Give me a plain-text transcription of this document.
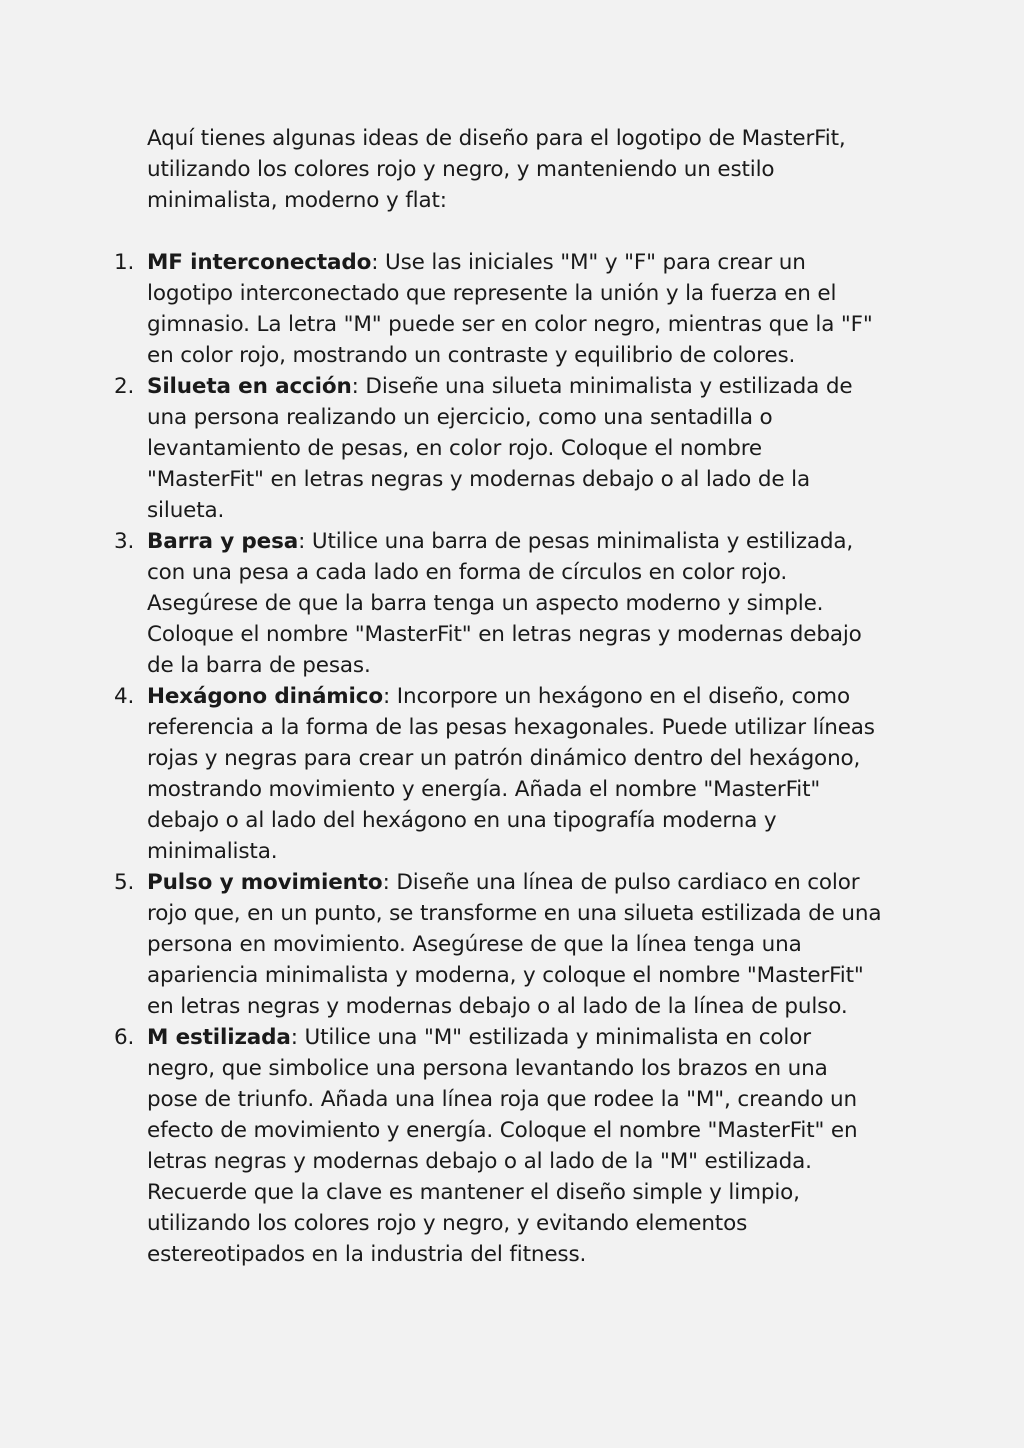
Aquí tienes algunas ideas de diseño para el logotipo de MasterFit, utilizando los colores rojo y negro, y manteniendo un estilo minimalista, moderno y flat:

1. MF interconectado: Use las iniciales "M" y "F" para crear un logotipo interconectado que represente la unión y la fuerza en el gimnasio. La letra "M" puede ser en color negro, mientras que la "F" en color rojo, mostrando un contraste y equilibrio de colores.
2. Silueta en acción: Diseñe una silueta minimalista y estilizada de una persona realizando un ejercicio, como una sentadilla o levantamiento de pesas, en color rojo. Coloque el nombre "MasterFit" en letras negras y modernas debajo o al lado de la silueta.
3. Barra y pesa: Utilice una barra de pesas minimalista y estilizada, con una pesa a cada lado en forma de círculos en color rojo. Asegúrese de que la barra tenga un aspecto moderno y simple. Coloque el nombre "MasterFit" en letras negras y modernas debajo de la barra de pesas.
4. Hexágono dinámico: Incorpore un hexágono en el diseño, como referencia a la forma de las pesas hexagonales. Puede utilizar líneas rojas y negras para crear un patrón dinámico dentro del hexágono, mostrando movimiento y energía. Añada el nombre "MasterFit" debajo o al lado del hexágono en una tipografía moderna y minimalista.
5. Pulso y movimiento: Diseñe una línea de pulso cardiaco en color rojo que, en un punto, se transforme en una silueta estilizada de una persona en movimiento. Asegúrese de que la línea tenga una apariencia minimalista y moderna, y coloque el nombre "MasterFit" en letras negras y modernas debajo o al lado de la línea de pulso.
6. M estilizada: Utilice una "M" estilizada y minimalista en color negro, que simbolice una persona levantando los brazos en una pose de triunfo. Añada una línea roja que rodee la "M", creando un efecto de movimiento y energía. Coloque el nombre "MasterFit" en letras negras y modernas debajo o al lado de la "M" estilizada.

Recuerde que la clave es mantener el diseño simple y limpio, utilizando los colores rojo y negro, y evitando elementos estereotipados en la industria del fitness.
